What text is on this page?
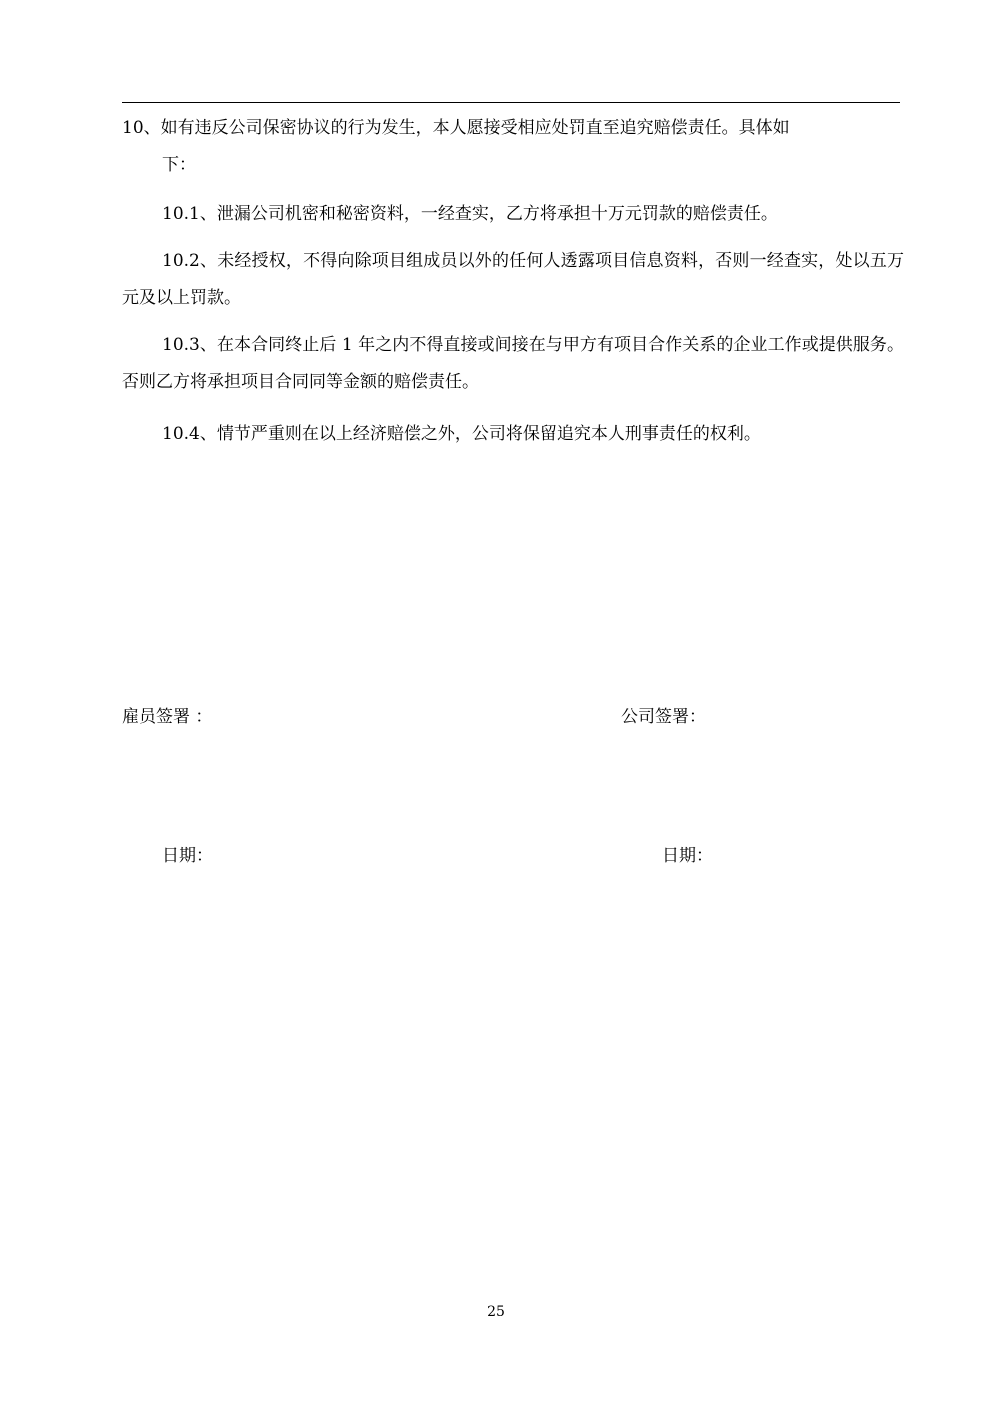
10、如有违反公司保密协议的行为发生，本人愿接受相应处罚直至追究赔偿责任。具体如
下：
10.1、泄漏公司机密和秘密资料，一经查实，乙方将承担十万元罚款的赔偿责任。
10.2、未经授权，不得向除项目组成员以外的任何人透露项目信息资料，否则一经查实，处以五万元及以上罚款。
10.3、在本合同终止后 1 年之内不得直接或间接在与甲方有项目合作关系的企业工作或提供服务。否则乙方将承担项目合同同等金额的赔偿责任。
10.4、情节严重则在以上经济赔偿之外，公司将保留追究本人刑事责任的权利。
雇员签署 ：	公司签署：
日期：	日期：
25
